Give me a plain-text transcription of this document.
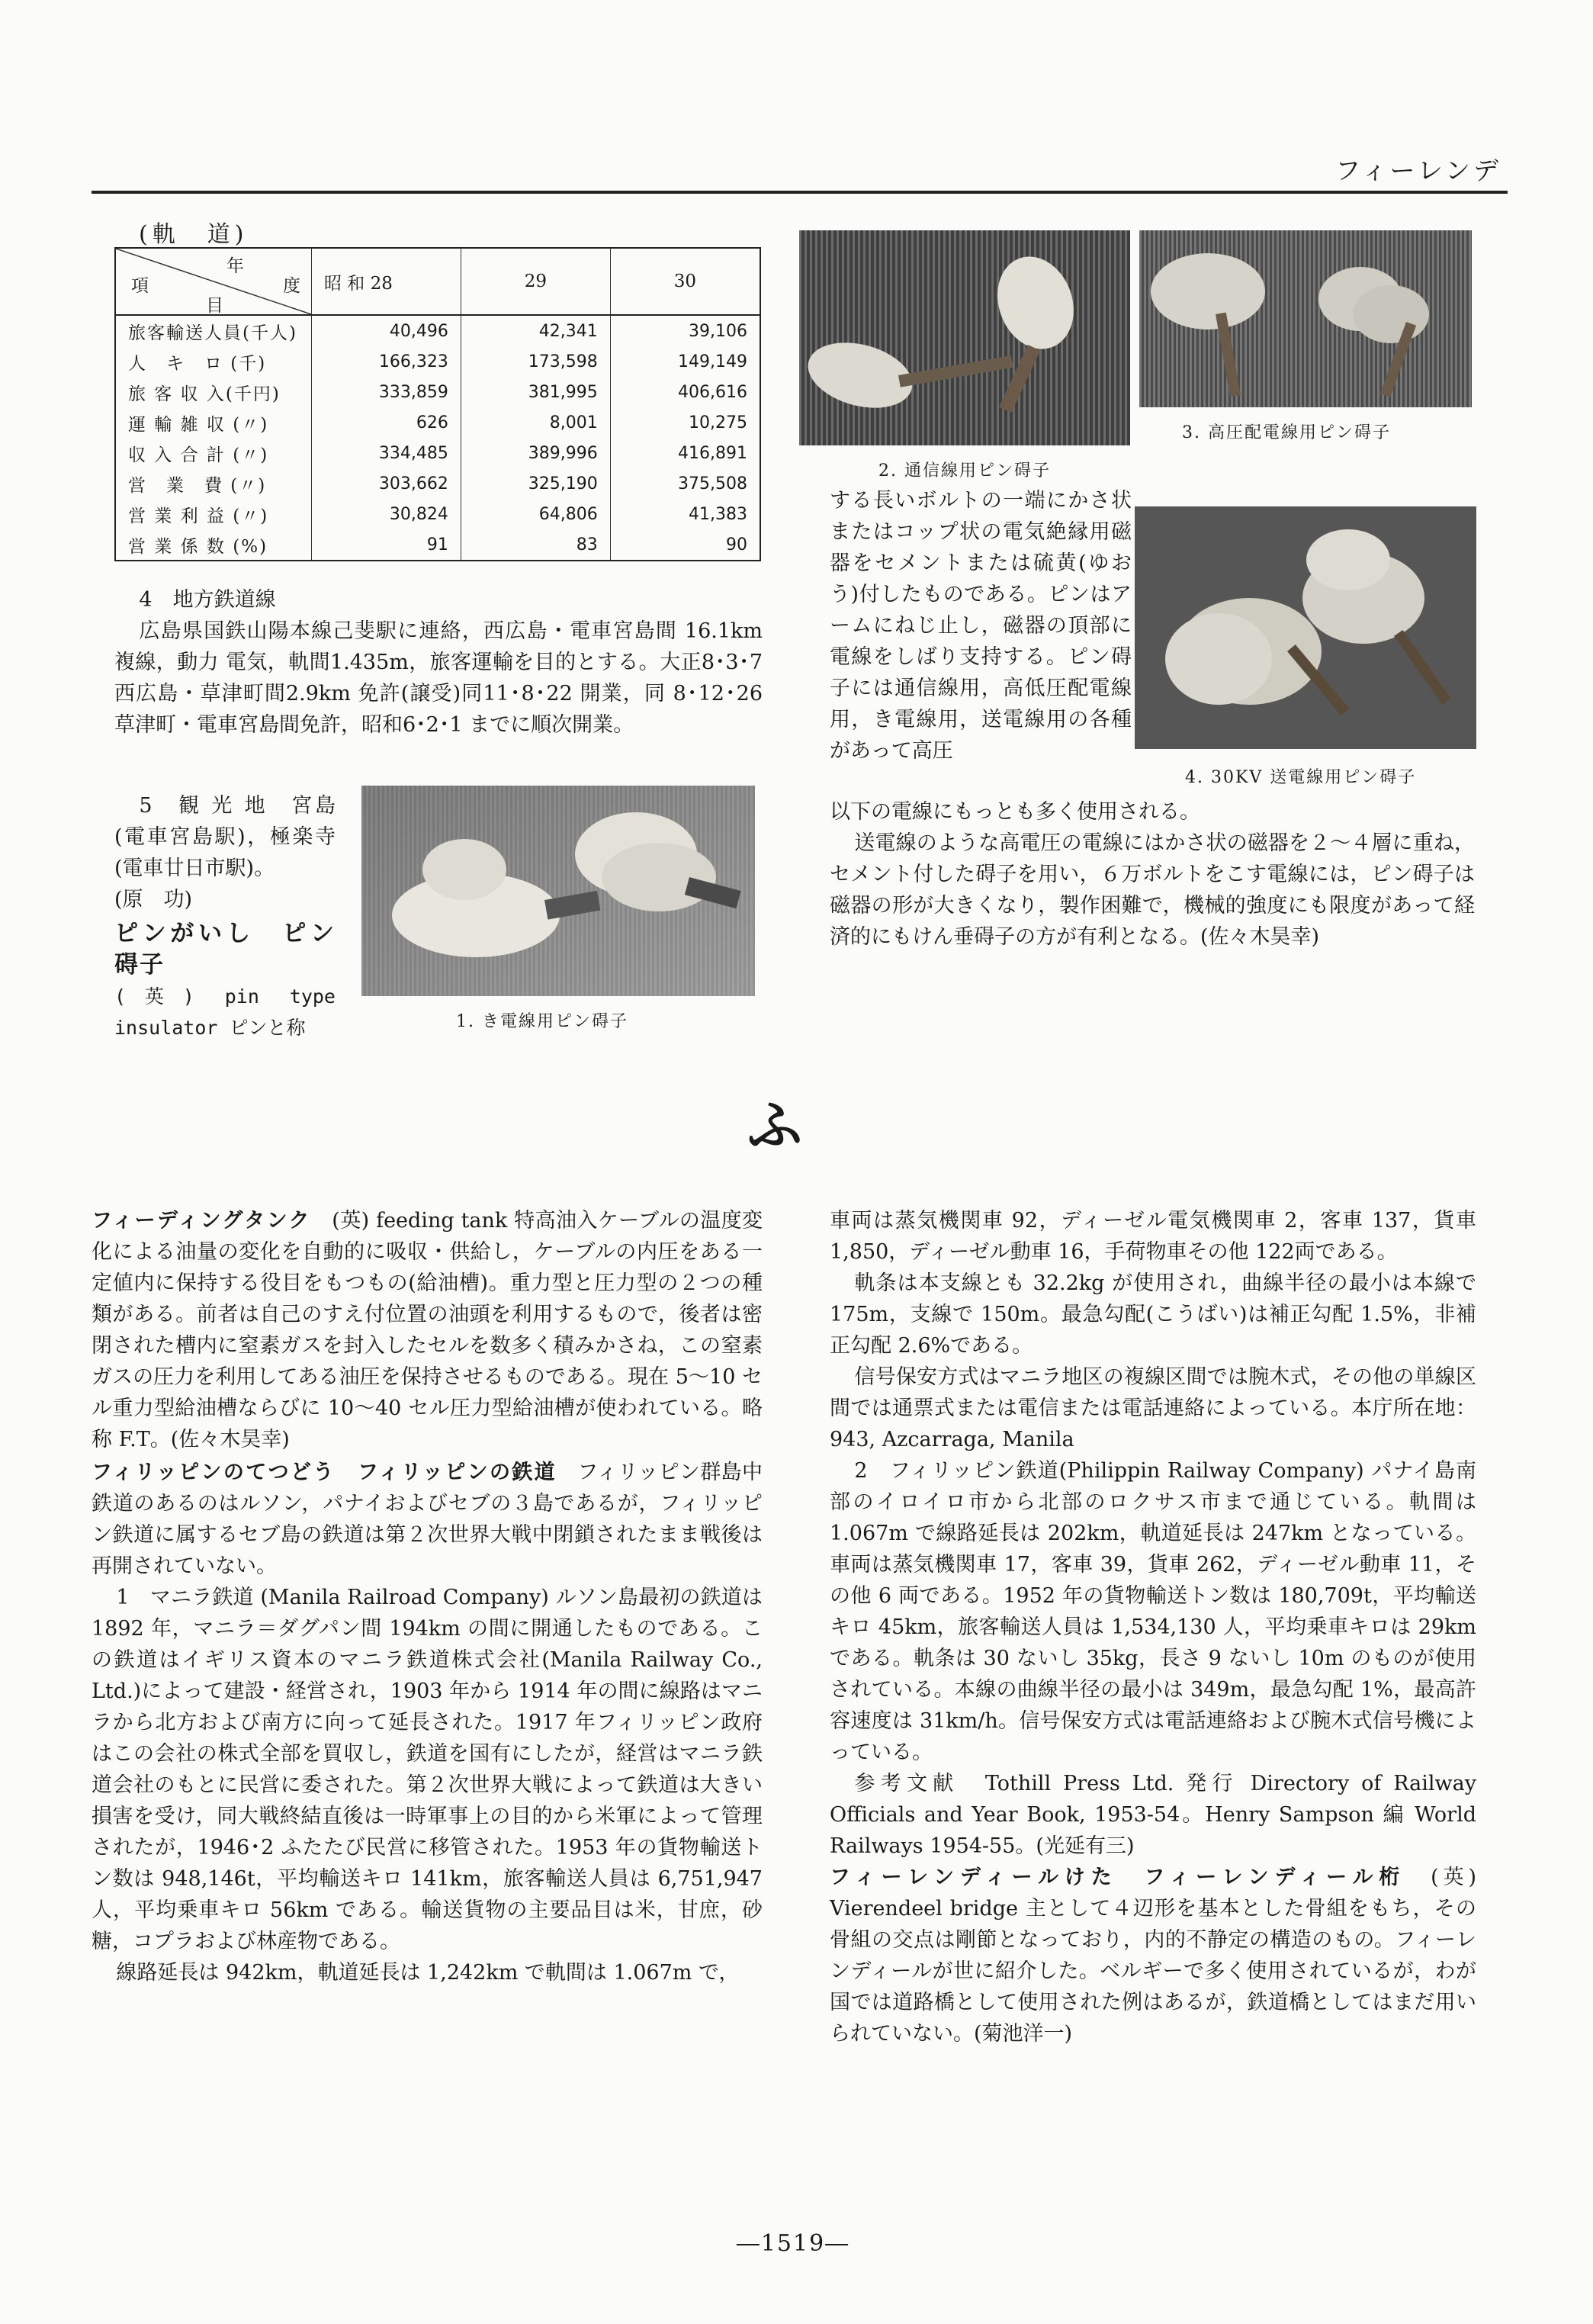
フィーレンデ
(軌　道)
年
度
項
目	昭 和 28	29	30
旅客輸送人員(千人)	40,496	42,341	39,106
人　キ　ロ (千)	166,323	173,598	149,149
旅 客 収 入(千円)	333,859	381,995	406,616
運 輸 雑 収 (〃)	626	8,001	10,275
収 入 合 計 (〃)	334,485	389,996	416,891
営　業　費 (〃)	303,662	325,190	375,508
営 業 利 益 (〃)	30,824	64,806	41,383
営 業 係 数 (%)	91	83	90

4　地方鉄道線

広島県国鉄山陽本線己斐駅に連絡，西広島・電車宮島間 16.1km 複線，動力 電気，軌間1.435m，旅客運輸を目的とする。大正8･3･7 西広島・草津町間2.9km 免許(譲受)同11･8･22 開業，同 8･12･26 草津町・電車宮島間免許，昭和6･2･1 までに順次開業。

5　観 光 地　宮島(電車宮島駅)，極楽寺(電車廿日市駅)。

(原　功)

ピンがいし　ピン碍子

(英) pin type insulator ピンと称	1. き電線用ピン碍子
2. 通信線用ピン碍子
3. 高圧配電線用ピン碍子
4. 30KV 送電線用ピン碍子

する長いボルトの一端にかさ状またはコップ状の電気絶縁用磁器をセメントまたは硫黄(ゆおう)付したものである。ピンはアームにねじ止し，磁器の頂部に電線をしばり支持する。ピン碍子には通信線用，高低圧配電線用，き電線用，送電線用の各種があって高圧

以下の電線にもっとも多く使用される。

送電線のような高電圧の電線にはかさ状の磁器を２～４層に重ね，セメント付した碍子を用い，６万ボルトをこす電線には，ピン碍子は磁器の形が大きくなり，製作困難で，機械的強度にも限度があって経済的にもけん垂碍子の方が有利となる。(佐々木昊幸)

ふ

フィーディングタンク　 (英) feeding tank 特高油入ケーブルの温度変化による油量の変化を自動的に吸収・供給し，ケーブルの内圧をある一定値内に保持する役目をもつもの(給油槽)。重力型と圧力型の２つの種類がある。前者は自己のすえ付位置の油頭を利用するもので，後者は密閉された槽内に窒素ガスを封入したセルを数多く積みかさね，この窒素ガスの圧力を利用してある油圧を保持させるものである。現在 5～10 セル重力型給油槽ならびに 10～40 セル圧力型給油槽が使われている。略称 F.T。(佐々木昊幸)

フィリッピンのてつどう　フィリッピンの鉄道　 フィリッピン群島中鉄道のあるのはルソン，パナイおよびセブの３島であるが，フィリッピン鉄道に属するセブ島の鉄道は第２次世界大戦中閉鎖されたまま戦後は再開されていない。

1　マニラ鉄道 (Manila Railroad Company) ルソン島最初の鉄道は 1892 年，マニラ＝ダグパン間 194km の間に開通したものである。この鉄道はイギリス資本のマニラ鉄道株式会社(Manila Railway Co., Ltd.)によって建設・経営され，1903 年から 1914 年の間に線路はマニラから北方および南方に向って延長された。1917 年フィリッピン政府はこの会社の株式全部を買収し，鉄道を国有にしたが，経営はマニラ鉄道会社のもとに民営に委された。第２次世界大戦によって鉄道は大きい損害を受け，同大戦終結直後は一時軍事上の目的から米軍によって管理されたが，1946･2 ふたたび民営に移管された。1953 年の貨物輸送トン数は 948,146t，平均輸送キロ 141km，旅客輸送人員は 6,751,947 人，平均乗車キロ 56km である。輸送貨物の主要品目は米，甘庶，砂糖，コプラおよび林産物である。

線路延長は 942km，軌道延長は 1,242km で軌間は 1.067m で，

車両は蒸気機関車 92，ディーゼル電気機関車 2，客車 137，貨車 1,850，ディーゼル動車 16，手荷物車その他 122両である。

軌条は本支線とも 32.2kg が使用され，曲線半径の最小は本線で 175m，支線で 150m。最急勾配(こうばい)は補正勾配 1.5%，非補正勾配 2.6%である。

信号保安方式はマニラ地区の複線区間では腕木式，その他の単線区間では通票式または電信または電話連絡によっている。本庁所在地：943, Azcarraga, Manila

2　フィリッピン鉄道(Philippin Railway Company) パナイ島南部のイロイロ市から北部のロクサス市まで通じている。軌間は 1.067m で線路延長は 202km，軌道延長は 247km となっている。車両は蒸気機関車 17，客車 39，貨車 262，ディーゼル動車 11，その他 6 両である。1952 年の貨物輸送トン数は 180,709t，平均輸送キロ 45km，旅客輸送人員は 1,534,130 人，平均乗車キロは 29km である。軌条は 30 ないし 35kg，長さ 9 ないし 10m のものが使用されている。本線の曲線半径の最小は 349m，最急勾配 1%，最高許容速度は 31km/h。信号保安方式は電話連絡および腕木式信号機によっている。

参考文献　Tothill Press Ltd. 発行 Directory of Railway Officials and Year Book, 1953-54。Henry Sampson 編 World Railways 1954-55。(光延有三)

フィーレンディールけた　フィーレンディール桁　 (英) Vierendeel bridge 主として４辺形を基本とした骨組をもち，その骨組の交点は剛節となっており，内的不静定の構造のもの。フィーレンディールが世に紹介した。ベルギーで多く使用されているが，わが国では道路橋として使用された例はあるが，鉄道橋としてはまだ用いられていない。(菊池洋一)

―1519―
